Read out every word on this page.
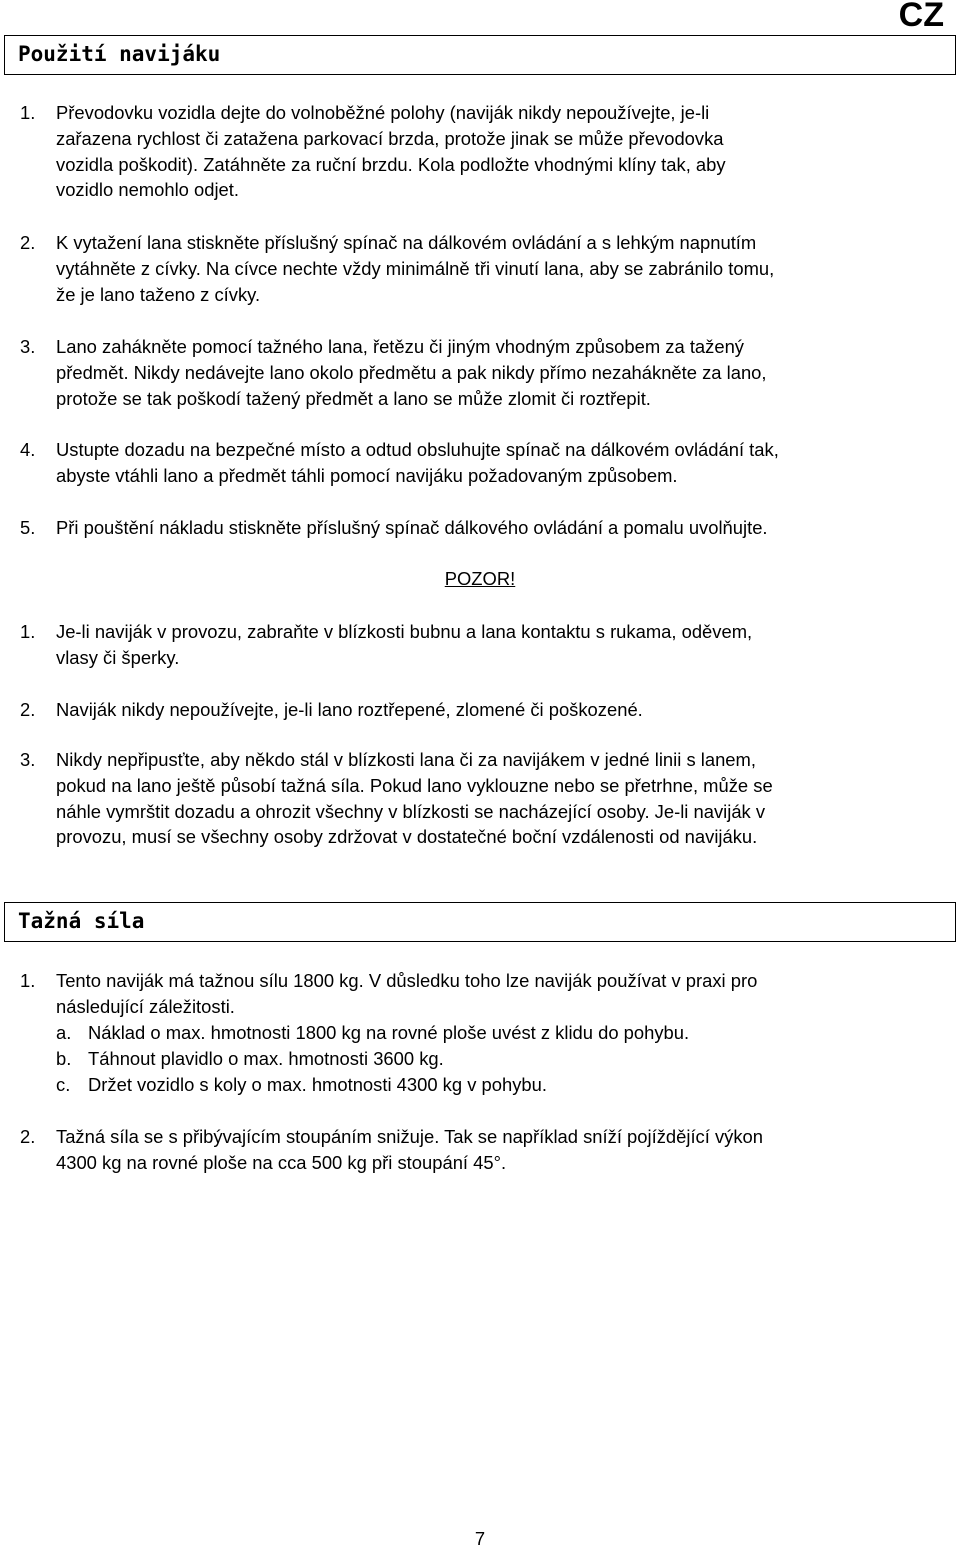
CZ
Použití navijáku
1. Převodovku vozidla dejte do volnoběžné polohy (naviják nikdy nepoužívejte, je-li
zařazena rychlost či zatažena parkovací brzda, protože jinak se může převodovka
vozidla poškodit). Zatáhněte za ruční brzdu. Kola podložte vhodnými klíny tak, aby
vozidlo nemohlo odjet.
2. K vytažení lana stiskněte příslušný spínač na dálkovém ovládání a s lehkým napnutím
vytáhněte z cívky. Na cívce nechte vždy minimálně tři vinutí lana, aby se zabránilo tomu,
že je lano taženo z cívky.
3. Lano zahákněte pomocí tažného lana, řetězu či jiným vhodným způsobem za tažený
předmět. Nikdy nedávejte lano okolo předmětu a pak nikdy přímo nezahákněte za lano,
protože se tak poškodí tažený předmět a lano se může zlomit či roztřepit.
4. Ustupte dozadu na bezpečné místo a odtud obsluhujte spínač na dálkovém ovládání tak,
abyste vtáhli lano a předmět táhli pomocí navijáku požadovaným způsobem.
5. Při pouštění nákladu stiskněte příslušný spínač dálkového ovládání a pomalu uvolňujte.
POZOR!
1. Je-li naviják v provozu, zabraňte v blízkosti bubnu a lana kontaktu s rukama, oděvem,
vlasy či šperky.
2. Naviják nikdy nepoužívejte, je-li lano roztřepené, zlomené či poškozené.
3. Nikdy nepřipusťte, aby někdo stál v blízkosti lana či za navijákem v jedné linii s lanem,
pokud na lano ještě působí tažná síla. Pokud lano vyklouzne nebo se přetrhne, může se
náhle vymrštit dozadu a ohrozit všechny v blízkosti se nacházející osoby. Je-li naviják v
provozu, musí se všechny osoby zdržovat v dostatečné boční vzdálenosti od navijáku.
Tažná síla
1. Tento naviják má tažnou sílu 1800 kg. V důsledku toho lze naviják používat v praxi pro
následující záležitosti.
a. Náklad o max. hmotnosti 1800 kg na rovné ploše uvést z klidu do pohybu.
b. Táhnout plavidlo o max. hmotnosti 3600 kg.
c. Držet vozidlo s koly o max. hmotnosti 4300 kg v pohybu.
2. Tažná síla se s přibývajícím stoupáním snižuje. Tak se například sníží pojíždějící výkon
4300 kg na rovné ploše na cca 500 kg při stoupání 45°.
7
